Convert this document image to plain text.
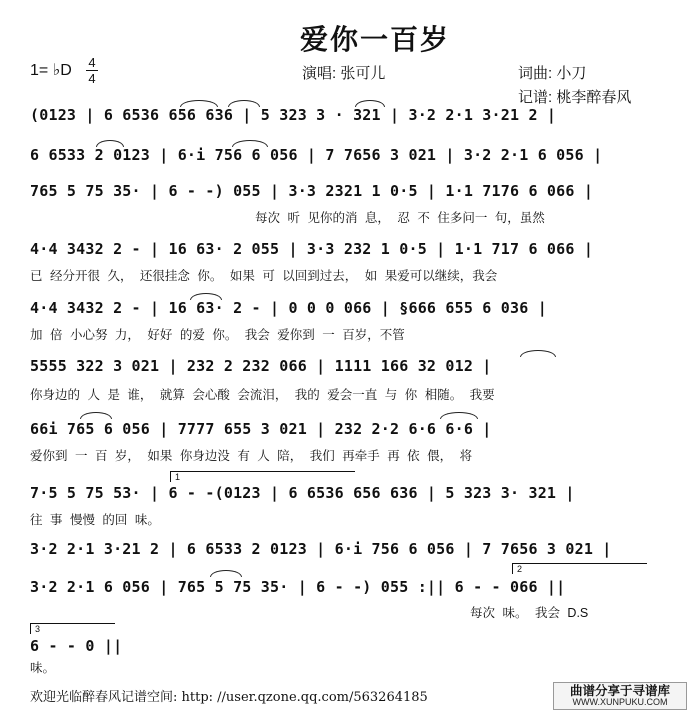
爱你一百岁
1= ♭D 4
4	演唱: 张可儿	词曲: 小刀
记谱: 桃李醉春风
(0123 | 6 6536 656 636 | 5 323 3 · 321 | 3·2 2·1 3·21 2 |
6 6533 2 0123 | 6·i 756 6 056 | 7 7656 3 021 | 3·2 2·1 6 056 |
765 5 75 35· | 6 - -) 055 | 3·3 2321 1 0·5 | 1·1 7176 6 066 |
每次 听 见你的消 息， 忍 不 住多问一 句，虽然
4·4 3432 2 - | 16 63· 2 055 | 3·3 232 1 0·5 | 1·1 717 6 066 |
已 经分开很 久， 还很挂念 你。 如果 可 以回到过去， 如 果爱可以继续，我会
4·4 3432 2 - | 16 63· 2 - | 0 0 0 066 | §666 655 6 036 |
加 倍 小心努 力， 好好 的爱 你。 我会 爱你到 一 百岁，不管
5555 322 3 021 | 232 2 232 066 | 1111 166 32 012 |
你身边的 人 是 谁， 就算 会心酸 会流泪， 我的 爱会一直 与 你 相随。 我要
66i 765 6 056 | 7777 655 3 021 | 232 2·2 6·6 6·6 |
爱你到 一 百 岁， 如果 你身边没 有 人 陪， 我们 再牵手 再 依 偎， 将
1
7·5 5 75 53· | 6 - -(0123 | 6 6536 656 636 | 5 323 3· 321 |
往 事 慢慢 的回 味。
3·2 2·1 3·21 2 | 6 6533 2 0123 | 6·i 756 6 056 | 7 7656 3 021 |
2
3·2 2·1 6 056 | 765 5 75 35· | 6 - -) 055 :|| 6 - - 066 ||
每次 味。 我会 D.S
3
6 - - 0 ||
味。
欢迎光临醉春风记谱空间: http: //user.qzone.qq.com/563264185	曲谱分享于寻谱库
WWW.XUNPUKU.COM
